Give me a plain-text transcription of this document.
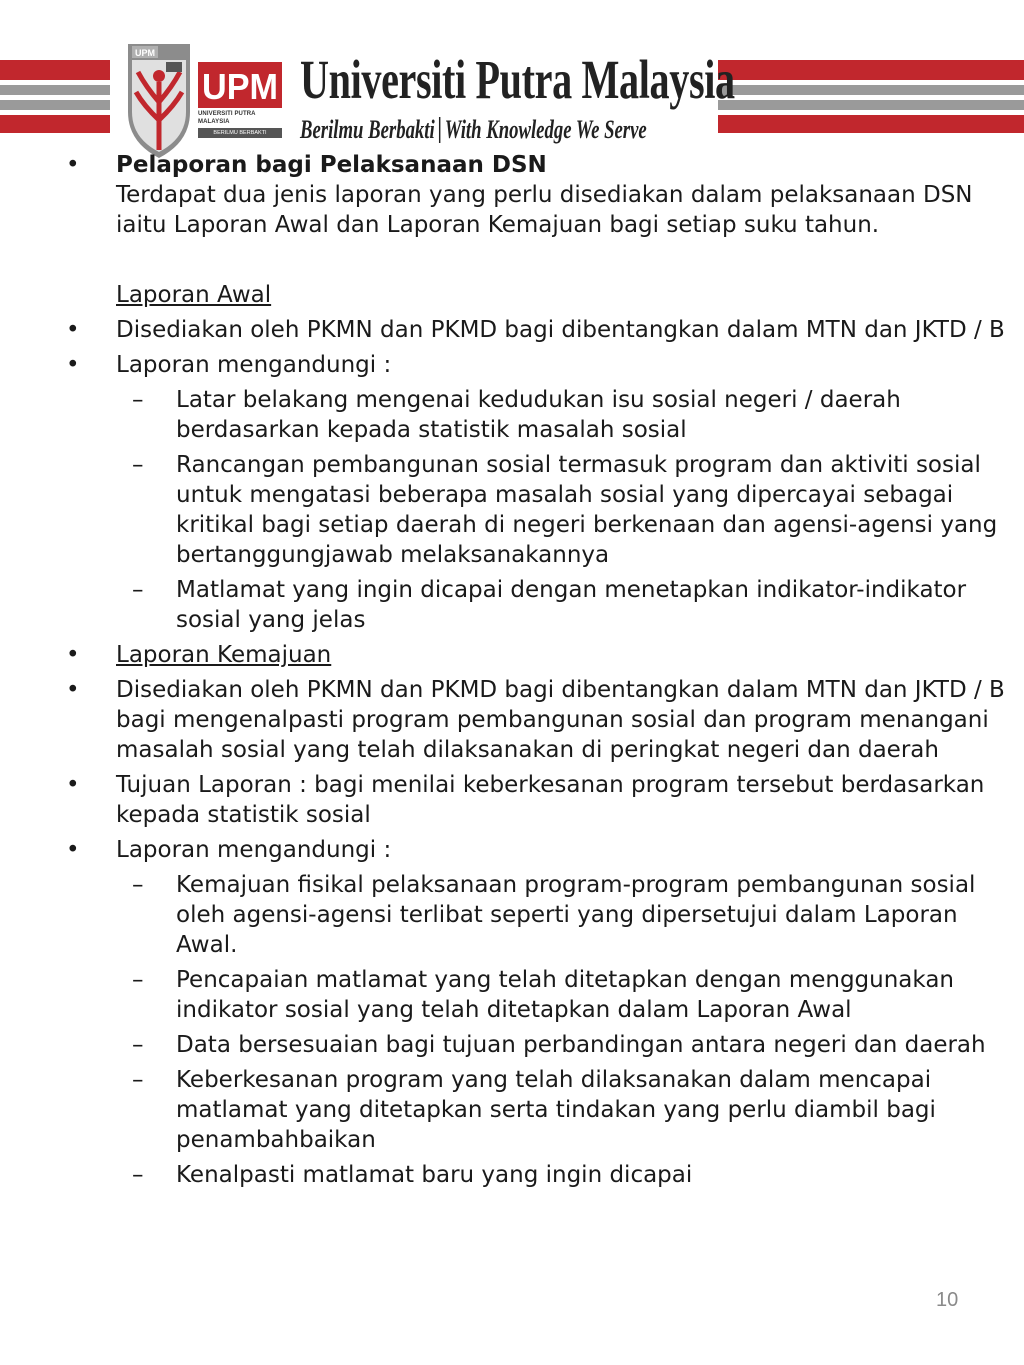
UPM
UPM
UNIVERSITI PUTRA MALAYSIA
BERILMU BERBAKTI
Universiti Putra Malaysia
Berilmu Berbakti With Knowledge We Serve
• Pelaporan bagi Pelaksanaan DSN
Terdapat dua jenis laporan yang perlu disediakan dalam pelaksanaan DSN iaitu Laporan Awal dan Laporan Kemajuan bagi setiap suku tahun.
Laporan Awal
• Disediakan oleh PKMN dan PKMD bagi dibentangkan dalam MTN dan JKTD / B
• Laporan mengandungi :
– Latar belakang mengenai kedudukan isu sosial negeri / daerah berdasarkan kepada statistik masalah sosial
– Rancangan pembangunan sosial termasuk program dan aktiviti sosial untuk mengatasi beberapa masalah sosial yang dipercayai sebagai kritikal bagi setiap daerah di negeri berkenaan dan agensi-agensi yang bertanggungjawab melaksanakannya
– Matlamat yang ingin dicapai dengan menetapkan indikator-indikator sosial yang jelas
• Laporan Kemajuan
• Disediakan oleh PKMN dan PKMD bagi dibentangkan dalam MTN dan JKTD / B bagi mengenalpasti program pembangunan sosial dan program menangani masalah sosial yang telah dilaksanakan di peringkat negeri dan daerah
• Tujuan Laporan : bagi menilai keberkesanan program tersebut berdasarkan kepada statistik sosial
• Laporan mengandungi :
– Kemajuan fisikal pelaksanaan program-program pembangunan sosial oleh agensi-agensi terlibat seperti yang dipersetujui dalam Laporan Awal.
– Pencapaian matlamat yang telah ditetapkan dengan menggunakan indikator sosial yang telah ditetapkan dalam Laporan Awal
– Data bersesuaian bagi tujuan perbandingan antara negeri dan daerah
– Keberkesanan program yang telah dilaksanakan dalam mencapai matlamat yang ditetapkan serta tindakan yang perlu diambil bagi penambahbaikan
– Kenalpasti matlamat baru yang ingin dicapai
10
